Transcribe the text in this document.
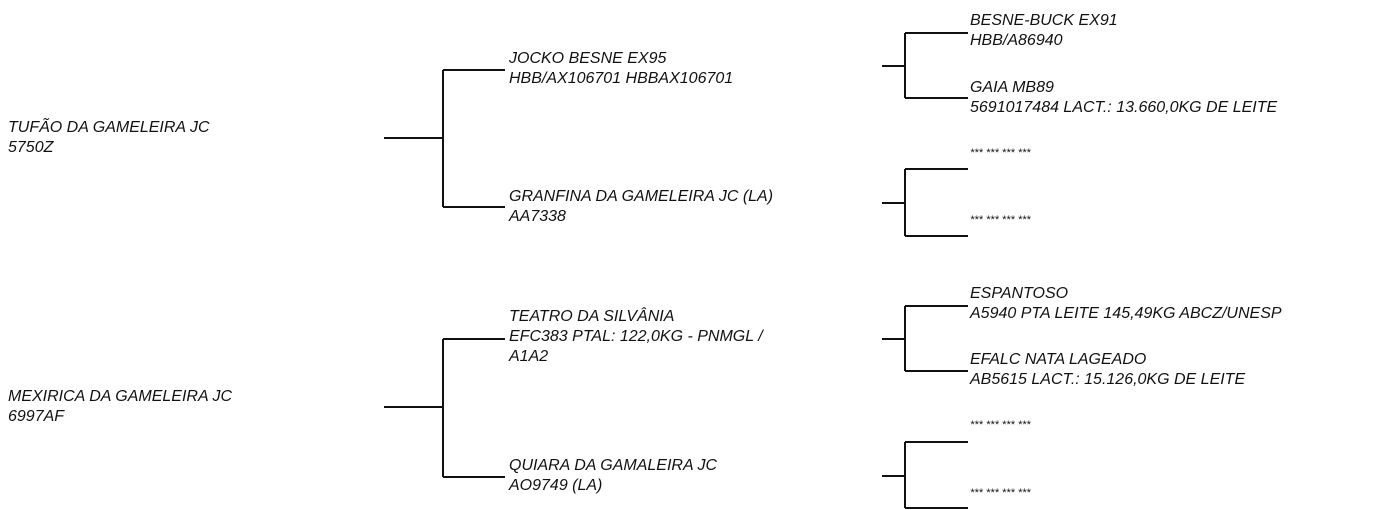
TUFÃO DA GAMELEIRA JC
5750Z
MEXIRICA DA GAMELEIRA JC
6997AF
JOCKO BESNE EX95
HBB/AX106701 HBBAX106701
GRANFINA DA GAMELEIRA JC (LA)
AA7338
TEATRO DA SILVÂNIA
EFC383 PTAL: 122,0KG - PNMGL /
A1A2
QUIARA DA GAMALEIRA JC
AO9749 (LA)
BESNE-BUCK EX91
HBB/A86940
GAIA MB89
5691017484 LACT.: 13.660,0KG DE LEITE
*** *** *** ***
*** *** *** ***
ESPANTOSO
A5940 PTA LEITE 145,49KG ABCZ/UNESP
EFALC NATA LAGEADO
AB5615 LACT.: 15.126,0KG DE LEITE
*** *** *** ***
*** *** *** ***
